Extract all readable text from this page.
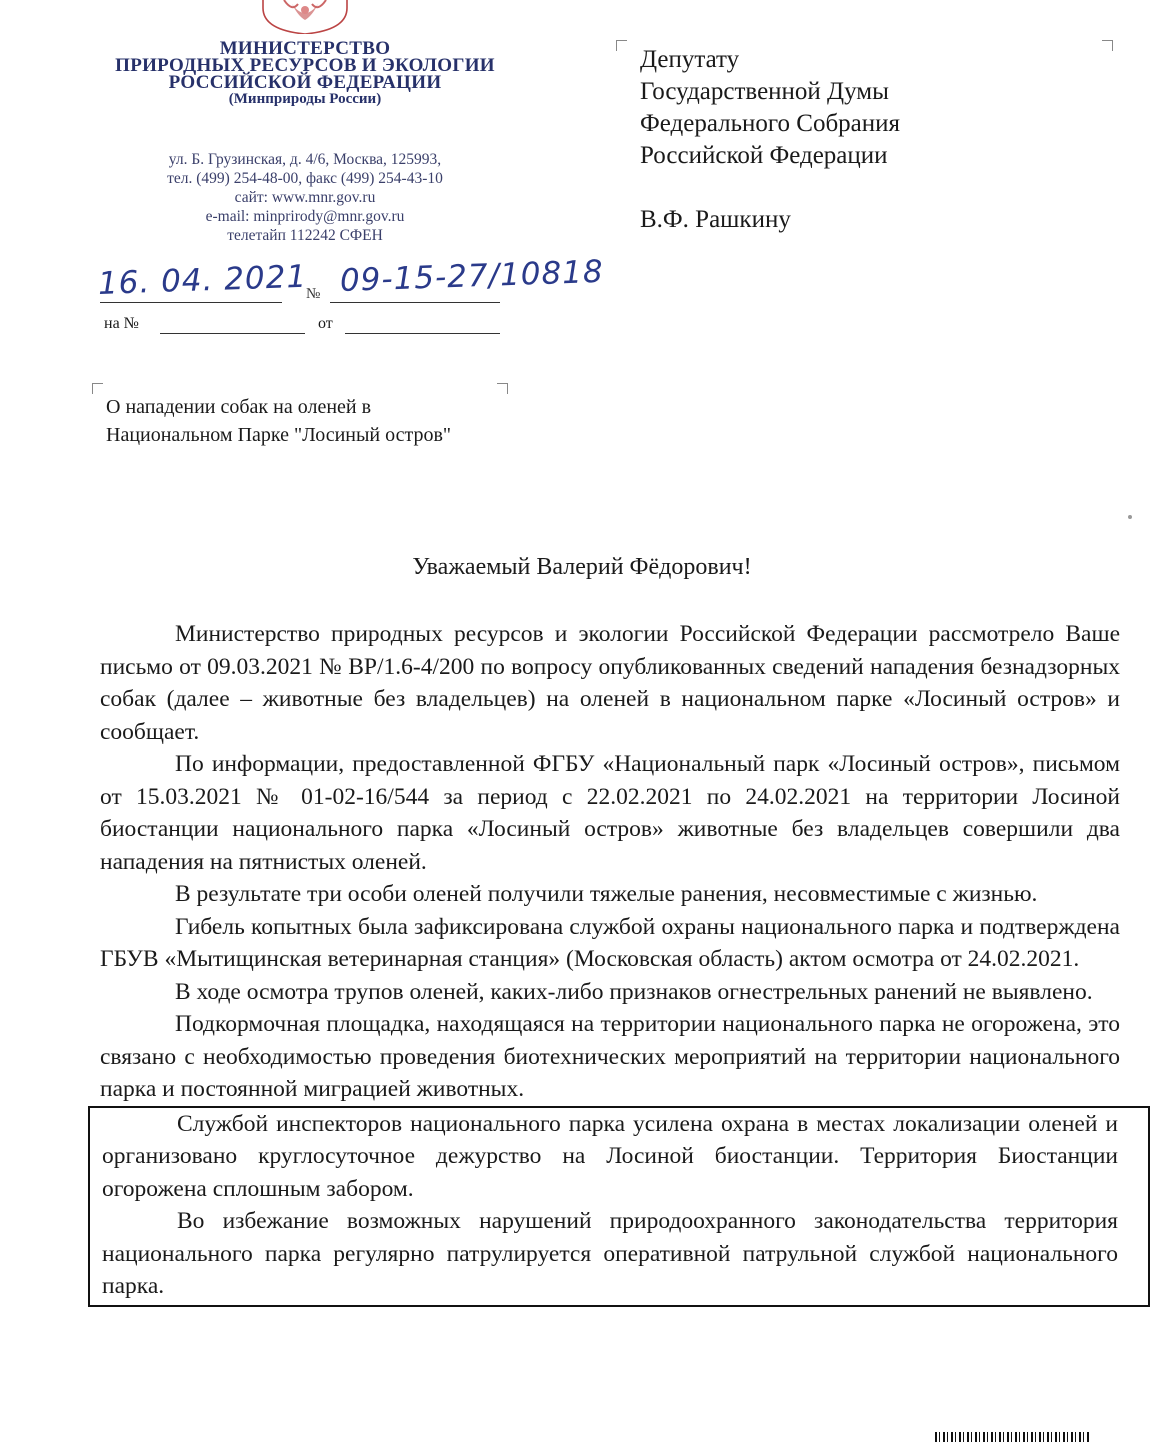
МИНИСТЕРСТВО
ПРИРОДНЫХ РЕСУРСОВ И ЭКОЛОГИИ
РОССИЙСКОЙ ФЕДЕРАЦИИ
(Минприроды России)
ул. Б. Грузинская, д. 4/6, Москва, 125993,
тел. (499) 254-48-00, факс (499) 254-43-10
сайт: www.mnr.gov.ru
e-mail: minprirody@mnr.gov.ru
телетайп 112242 СФЕН
16. 04. 2021
№ 09-15-27/10818
на №	от
Депутату
Государственной Думы
Федерального Собрания
Российской Федерации
В.Ф. Рашкину
О нападении собак на оленей в Национальном Парке "Лосиный остров"
Уважаемый Валерий Фёдорович!

Министерство природных ресурсов и экологии Российской Федерации рассмотрело Ваше письмо от 09.03.2021 № ВР/1.6-4/200 по вопросу опубликованных сведений нападения безнадзорных собак (далее – животные без владельцев) на оленей в национальном парке «Лосиный остров» и сообщает.

По информации, предоставленной ФГБУ «Национальный парк «Лосиный остров», письмом от 15.03.2021 № 01-02-16/544 за период с 22.02.2021 по 24.02.2021 на территории Лосиной биостанции национального парка «Лосиный остров» животные без владельцев совершили два нападения на пятнистых оленей.

В результате три особи оленей получили тяжелые ранения, несовместимые с жизнью.

Гибель копытных была зафиксирована службой охраны национального парка и подтверждена ГБУВ «Мытищинская ветеринарная станция» (Московская область) актом осмотра от 24.02.2021.

В ходе осмотра трупов оленей, каких-либо признаков огнестрельных ранений не выявлено.

Подкормочная площадка, находящаяся на территории национального парка не огорожена, это связано с необходимостью проведения биотехнических мероприятий на территории национального парка и постоянной миграцией животных.

Службой инспекторов национального парка усилена охрана в местах локализации оленей и организовано круглосуточное дежурство на Лосиной биостанции. Территория Биостанции огорожена сплошным забором.

Во избежание возможных нарушений природоохранного законодательства территория национального парка регулярно патрулируется оперативной патрульной службой национального парка.
